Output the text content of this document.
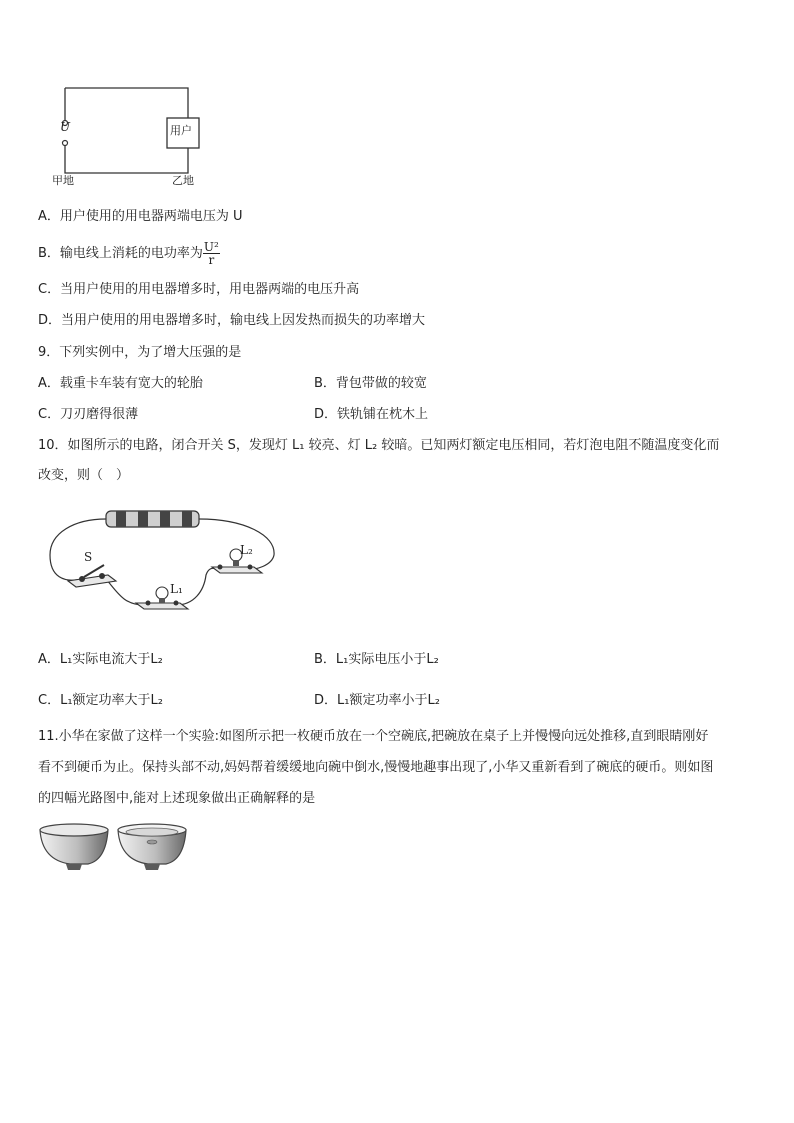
U	用户
甲地	乙地
A．用户使用的用电器两端电压为 U
B．输电线上消耗的电功率为 $\frac{\text{U²}}{r}$
C．当用户使用的用电器增多时，用电器两端的电压升高
D．当用户使用的用电器增多时，输电线上因发热而损失的功率增大
9．下列实例中，为了增大压强的是
A．载重卡车装有宽大的轮胎	B．背包带做的较宽
C．刀刃磨得很薄	D．铁轨铺在枕木上
10．如图所示的电路，闭合开关 S，发现灯 L₁ 较亮、灯 L₂ 较暗。已知两灯额定电压相同，若灯泡电阻不随温度变化而
改变，则（　）
S
L₁
L₂
A．L₁实际电流大于L₂	B．L₁实际电压小于L₂
C．L₁额定功率大于L₂	D．L₁额定功率小于L₂
11.小华在家做了这样一个实验:如图所示把一枚硬币放在一个空碗底,把碗放在桌子上并慢慢向远处推移,直到眼睛刚好
看不到硬币为止。保持头部不动,妈妈帮着缓缓地向碗中倒水,慢慢地趣事出现了,小华又重新看到了碗底的硬币。则如图
的四幅光路图中,能对上述现象做出正确解释的是
